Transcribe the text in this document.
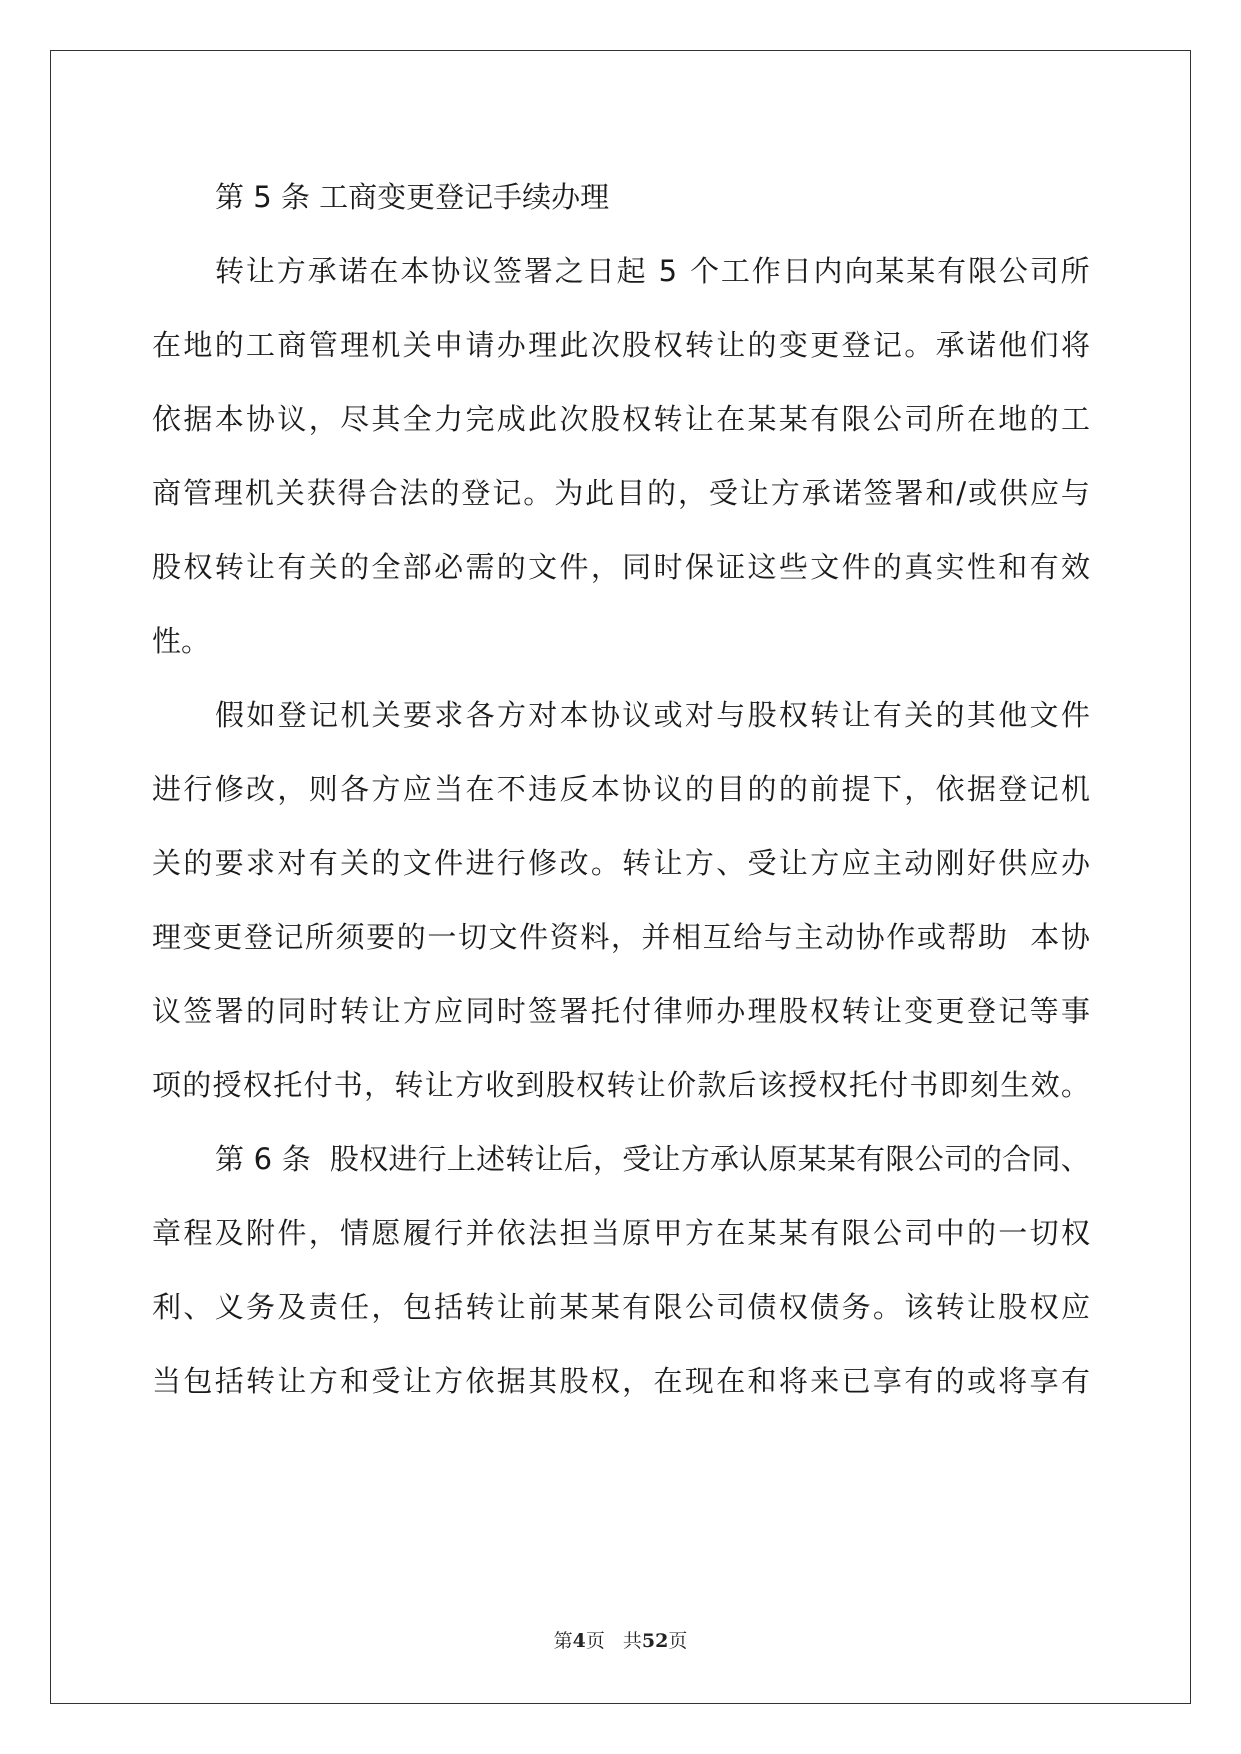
第 5 条 工商变更登记手续办理
转 让 方 承 诺 在 本 协 议 签 署 之 日 起
5
个 工 作 日 内 向 某 某 有 限 公 司 所
在 地 的 工 商 管 理 机 关 申 请 办 理 此 次 股 权 转 让 的 变 更 登 记 。 承 诺 他 们 将
依 据 本 协 议 ， 尽 其 全 力 完 成 此 次 股 权 转 让 在 某 某 有 限 公 司 所 在 地 的 工
商 管 理 机 关 获 得 合 法 的 登 记 。 为 此 目 的 ， 受 让 方 承 诺 签 署 和 / 或 供 应 与
股 权 转 让 有 关 的 全 部 必 需 的 文 件 ， 同 时 保 证 这 些 文 件 的 真 实 性 和 有 效
性。
假 如 登 记 机 关 要 求 各 方 对 本 协 议 或 对 与 股 权 转 让 有 关 的 其 他 文 件
进 行 修 改 ， 则 各 方 应 当 在 不 违 反 本 协 议 的 目 的 的 前 提 下 ， 依 据 登 记 机
关 的 要 求 对 有 关 的 文 件 进 行 修 改 。 转 让 方 、 受 让 方 应 主 动 刚 好 供 应 办
理 变 更 登 记 所 须 要 的 一 切 文 件 资 料 ， 并 相 互 给 与 主 动 协 作 或 帮 助

本 协
议 签 署 的 同 时 转 让 方 应 同 时 签 署 托 付 律 师 办 理 股 权 转 让 变 更 登 记 等 事
项 的 授 权 托 付 书 ， 转 让 方 收 到 股 权 转 让 价 款 后 该 授 权 托 付 书 即 刻 生 效 。
第
6
条

股 权 进 行 上 述 转 让 后 ， 受 让 方 承 认 原 某 某 有 限 公 司 的 合 同 、
章 程 及 附 件 ， 情 愿 履 行 并 依 法 担 当 原 甲 方 在 某 某 有 限 公 司 中 的 一 切 权
利 、 义 务 及 责 任 ， 包 括 转 让 前 某 某 有 限 公 司 债 权 债 务 。 该 转 让 股 权 应
当 包 括 转 让 方 和 受 让 方 依 据 其 股 权 ， 在 现 在 和 将 来 已 享 有 的 或 将 享 有
第4页 共52页
